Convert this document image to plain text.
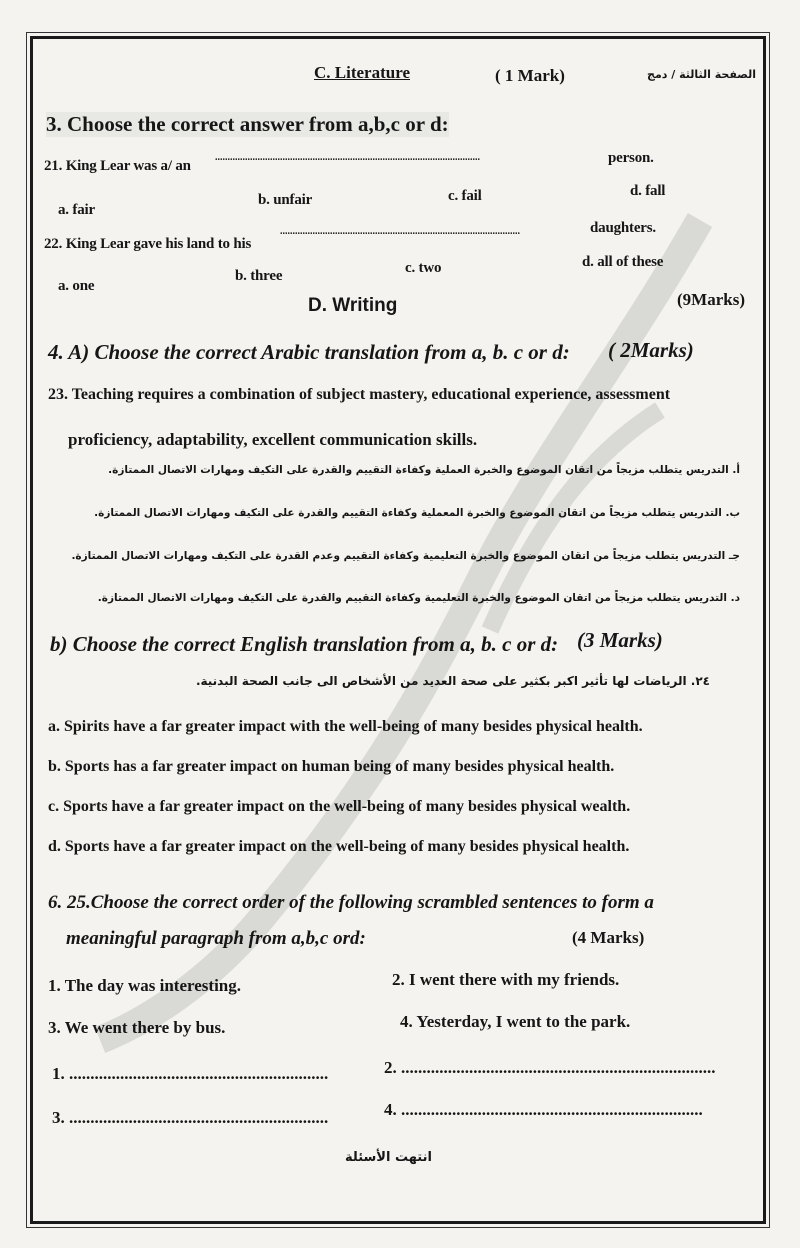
C. Literature	( 1 Mark)	الصفحة الثالثة / دمج
3. Choose the correct answer from a,b,c or d:
21. King Lear was a/ an
..........................................................................................................	person.
a. fair
b. unfair	c. fail	d. fall
22. King Lear gave his land to his
................................................................................................	daughters.
a. one
b. three	c. two	d. all of these
D. Writing	(9Marks)
4. A) Choose the correct Arabic translation from a, b. c or d: ( 2Marks)
23. Teaching requires a combination of subject mastery, educational experience, assessment
proficiency, adaptability, excellent communication skills.
أ. التدريس يتطلب مزيجاً من اتقان الموضوع والخبرة العملية وكفاءة التقييم والقدرة على التكيف ومهارات الاتصال الممتازة.
ب. التدريس يتطلب مزيجاً من اتقان الموضوع والخبرة المعملية وكفاءة التقييم والقدرة على التكيف ومهارات الاتصال الممتازة.
جـ التدريس يتطلب مزيجاً من اتقان الموضوع والخبرة التعليمية وكفاءة التقييم وعدم القدرة على التكيف ومهارات الاتصال الممتازة.
د. التدريس يتطلب مزيجاً من اتقان الموضوع والخبرة التعليمية وكفاءة التقييم والقدرة على التكيف ومهارات الاتصال الممتازة.
b) Choose the correct English translation from a, b. c or d: (3 Marks)
٢٤. الرياضات لها تأثير اكبر بكثير على صحة العديد من الأشخاص الى جانب الصحة البدنية.
a. Spirits have a far greater impact with the well-being of many besides physical health.
b. Sports has a far greater impact on human being of many besides physical health.
c. Sports have a far greater impact on the well-being of many besides physical wealth.
d. Sports have a far greater impact on the well-being of many besides physical health.
6. 25.Choose the correct order of the following scrambled sentences to form a
meaningful paragraph from a,b,c ord:	(4 Marks)
1. The day was interesting.	2. I went there with my friends.
3. We went there by bus.	4. Yesterday, I went to the park.
1. .............................................................	2. ..........................................................................
3. .............................................................	4. .......................................................................
انتهت الأسئلة
